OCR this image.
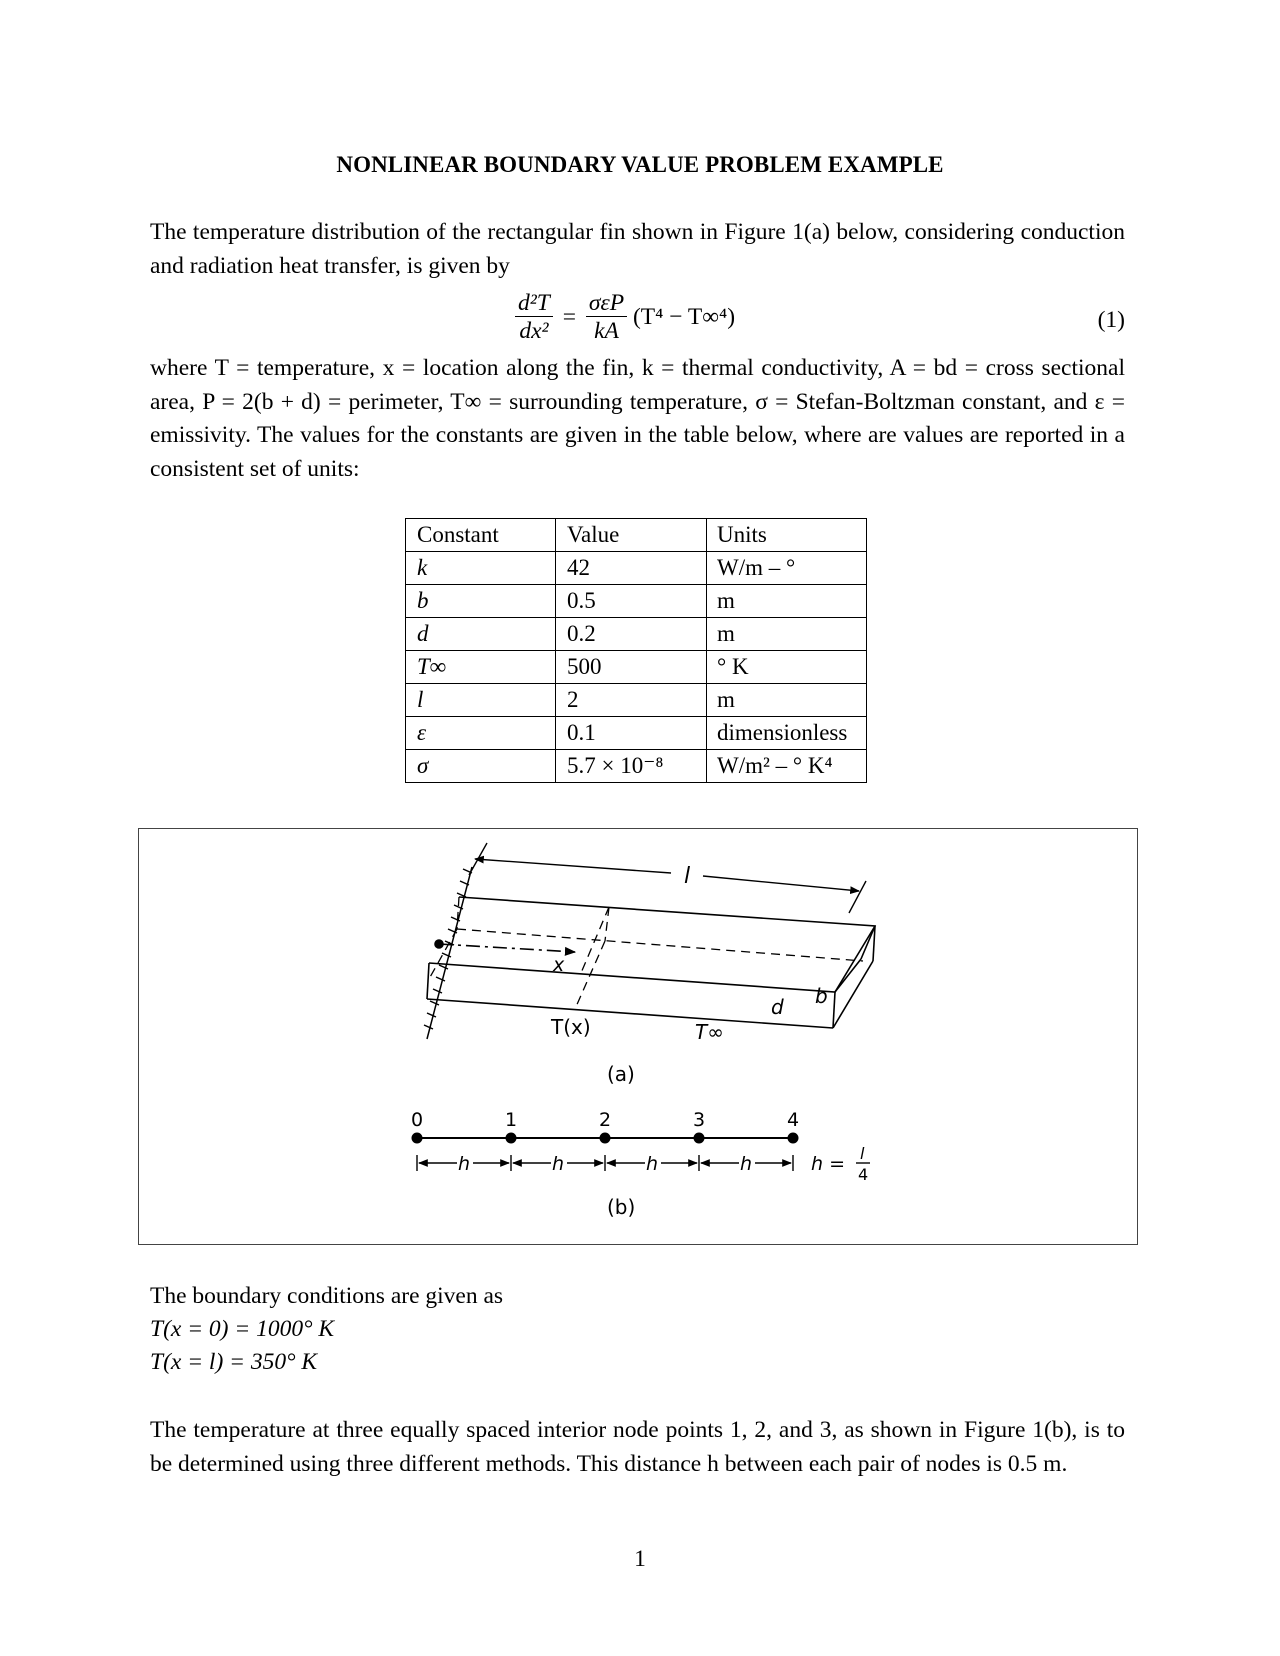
NONLINEAR BOUNDARY VALUE PROBLEM EXAMPLE

The temperature distribution of the rectangular fin shown in Figure 1(a) below, considering conduction and radiation heat transfer, is given by

$\frac{\text{d²T}}{\text{dx²}} = \frac{\text{σεP}}{kA} (T^4 - T\infty^4)$	(1)

where T = temperature, x = location along the fin, k = thermal conductivity, A = bd = cross sectional area, P = 2(b + d) = perimeter, T∞ = surrounding temperature, σ = Stefan-Boltzman constant, and ε = emissivity. The values for the constants are given in the table below, where are values are reported in a consistent set of units:

Constant	Value	Units
k	42	W/m – °
b	0.5	m
d	0.2	m
T∞	500	° K
l	2	m
ε	0.1	dimensionless
σ	5.7 × 10⁻⁸	W/m² – ° K⁴
l
x
T(x)	T∞
d b
(a)
0	1	2	3	4
h	h	h	h	h = l
4
(b)
The boundary conditions are given as
T(x = 0) = 1000° K
T(x = l) = 350° K

The temperature at three equally spaced interior node points 1, 2, and 3, as shown in Figure 1(b), is to be determined using three different methods. This distance h between each pair of nodes is 0.5 m.

1
